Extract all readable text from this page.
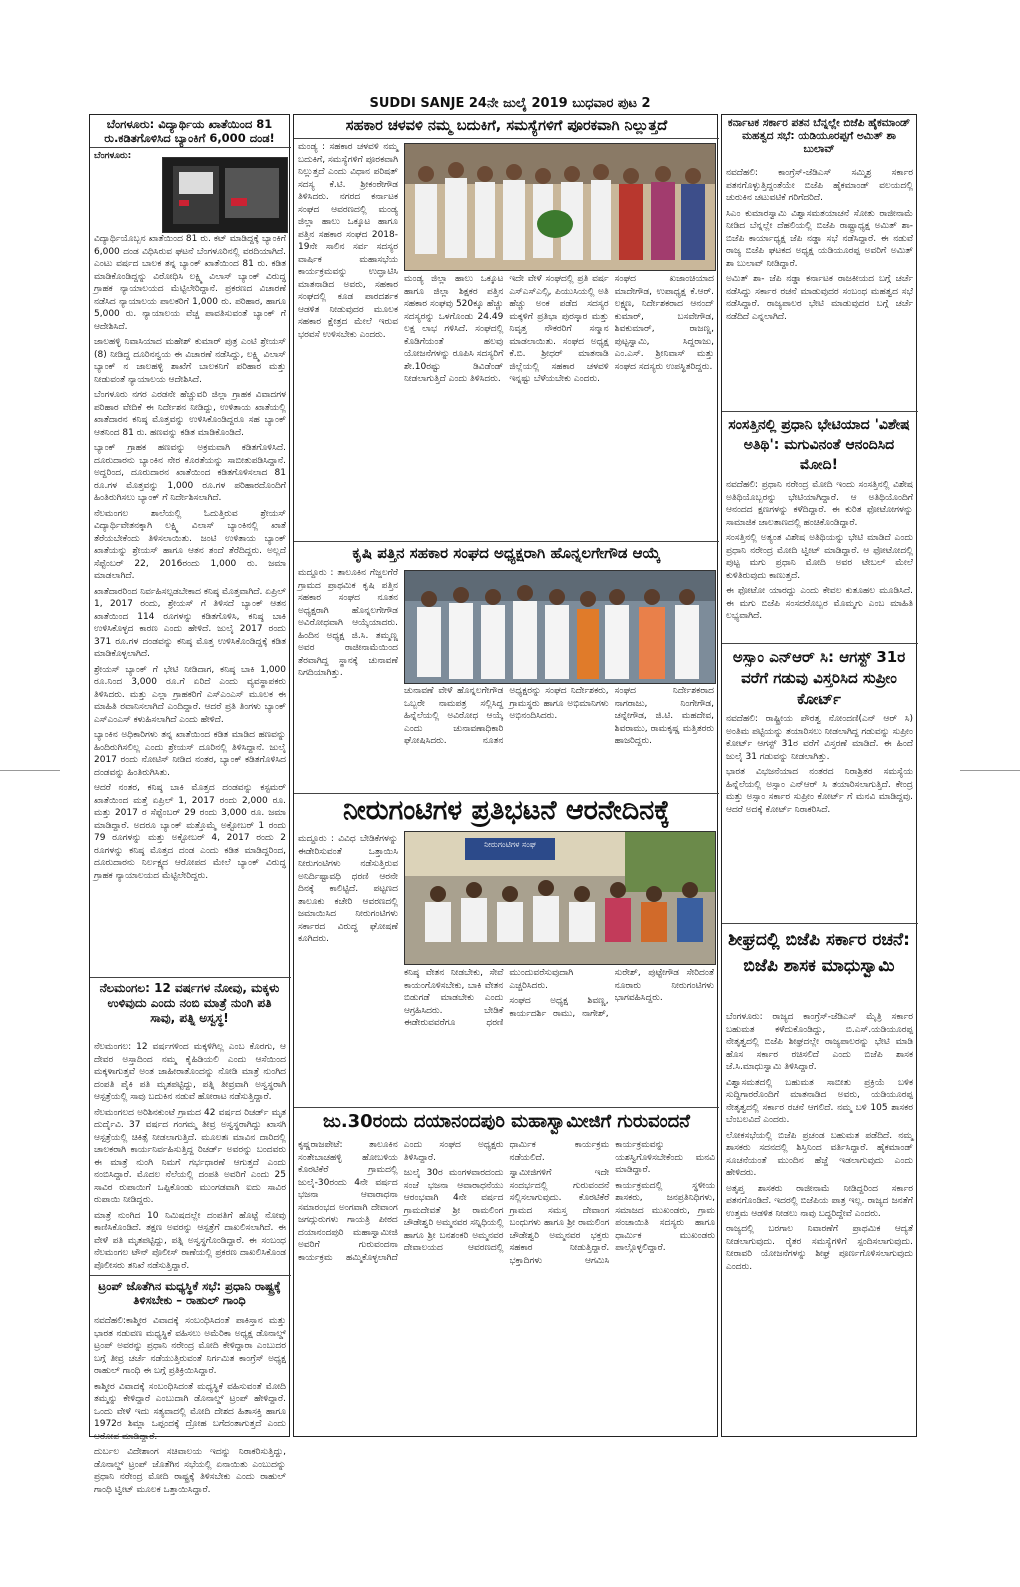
SUDDI SANJE 24ನೇ ಜುಲೈ 2019 ಬುಧವಾರ ಪುಟ 2
ಬೆಂಗಳೂರು: ವಿದ್ಯಾರ್ಥಿಯ ಖಾತೆಯಿಂದ 81 ರು.ಕಡಿತಗೊಳಿಸಿದ ಬ್ಯಾಂಕಿಗೆ 6,000 ದಂಡ!

ಬೆಂಗಳೂರು:

ವಿದ್ಯಾರ್ಥಿಯೊಬ್ಬನ ಖಾತೆಯಿಂದ 81 ರು. ಕಟ್ ಮಾಡಿದ್ದಕ್ಕೆ ಬ್ಯಾಂಕಿಗೆ 6,000 ದಂಡ ವಿಧಿಸಿರುವ ಘಟನೆ ಬೆಂಗಳೂರಿನಲ್ಲಿ ವರದಿಯಾಗಿದೆ. ಎಂಟು ವರ್ಷದ ಬಾಲಕ ತನ್ನ ಬ್ಯಾಂಕ್ ಖಾತೆಯಿಂದ 81 ರು. ಕಡಿತ ಮಾಡಿಕೊಂಡಿದ್ದನ್ನು ವಿರೋಧಿಸಿ ಲಕ್ಷ್ಮಿ ವಿಲಾಸ್ ಬ್ಯಾಂಕ್ ವಿರುದ್ಧ ಗ್ರಾಹಕ ನ್ಯಾಯಾಲಯದ ಮೆಟ್ಟಿಲೇರಿದ್ದಾನೆ. ಪ್ರಕರಣದ ವಿಚಾರಣೆ ನಡೆಸಿದ ನ್ಯಾಯಾಲಯ ಪಾಲಕರಿಗೆ 1,000 ರು. ಪರಿಹಾರ, ಹಾಗೂ 5,000 ರು. ನ್ಯಾಯಾಲಯ ವೆಚ್ಚ ಪಾವತಿಸುವಂತೆ ಬ್ಯಾಂಕ್ ಗೆ ಆದೇಶಿಸಿದೆ.

ಜಾಲಹಳ್ಳಿ ನಿವಾಸಿಯಾದ ಮಹೇಶ್ ಕುಮಾರ್ ಪುತ್ರ ಎಂಟಿ ಶ್ರೇಯಸ್ (8) ನೀಡಿದ್ದ ದೂರಿನನ್ವಯ ಈ ವಿಚಾರಣೆ ನಡೆಸಿದ್ದು, ಲಕ್ಷ್ಮಿ ವಿಲಾಸ್ ಬ್ಯಾಂಕ್ ನ ಜಾಲಹಳ್ಳಿ ಶಾಖೆಗೆ ಬಾಲಕನಿಗೆ ಪರಿಹಾರ ಮತ್ತು ನೀಡುವಂತೆ ನ್ಯಾಯಾಲಯ ಆದೇಶಿಸಿದೆ.

ಬೆಂಗಳೂರು ನಗರ ಎರಡನೇ ಹೆಚ್ಚುವರಿ ಜಿಲ್ಲಾ ಗ್ರಾಹಕ ವಿವಾದಗಳ ಪರಿಹಾರ ವೇದಿಕೆ ಈ ನಿರ್ದೇಶನ ನೀಡಿದ್ದು, ಉಳಿತಾಯ ಖಾತೆಯಲ್ಲಿ ಖಾತೆದಾರನ ಕನಿಷ್ಠ ಮೊತ್ತವನ್ನು ಉಳಿಸಿಕೊಂಡಿದ್ದರೂ ಸಹ ಬ್ಯಾಂಕ್ ಆತನಿಂದ 81 ರು. ಹಣವನ್ನು ಕಡಿತ ಮಾಡಿಕೊಂಡಿದೆ.

ಬ್ಯಾಂಕ್ ಗ್ರಾಹಕ ಹಣವನ್ನು ಅಕ್ರಮವಾಗಿ ಕಡಿತಗೊಳಿಸಿದೆ. ದೂರುದಾರನು ಬ್ಯಾಂಕಿನ ನೇರ ಕೊರತೆಯನ್ನು ಸಾಬೀತುಪಡಿಸಿದ್ದಾನೆ. ಅದ್ದರಿಂದ, ದೂರುದಾರನ ಖಾತೆಯಿಂದ ಕಡಿತಗೊಳಿಸಲಾದ 81 ರೂ.ಗಳ ಮೊತ್ತವನ್ನು 1,000 ರೂ.ಗಳ ಪರಿಹಾರದೊಂದಿಗೆ ಹಿಂತಿರುಗಿಸಲು ಬ್ಯಾಂಕ್ ಗೆ ನಿರ್ದೇಶಿಸಲಾಗಿದೆ.

ನೆಲಮಂಗಲ ಶಾಲೆಯಲ್ಲಿ ಓದುತ್ತಿರುವ ಶ್ರೇಯಸ್ ವಿದ್ಯಾರ್ಥಿವೇತನಕ್ಕಾಗಿ ಲಕ್ಷ್ಮಿ ವಿಲಾಸ್ ಬ್ಯಾಂಕಿನಲ್ಲಿ ಖಾತೆ ತೆರೆಯಬೇಕೆಂದು ತಿಳಿಸಲಾಯಿತು. ಜಂಟಿ ಉಳಿತಾಯ ಬ್ಯಾಂಕ್ ಖಾತೆಯನ್ನು ಶ್ರೇಯಸ್ ಹಾಗೂ ಆತನ ತಂದೆ ತೆರೆದಿದ್ದರು. ಅಲ್ಲದೆ ಸೆಪ್ಟೆಂಬರ್ 22, 2016ರಂದು 1,000 ರು. ಜಮಾ ಮಾಡಲಾಗಿದೆ.

ಖಾತೆದಾರರಿಂದ ನಿರ್ವಹಿಸಲ್ಪಡಬೇಕಾದ ಕನಿಷ್ಠ ಮೊತ್ತವಾಗಿದೆ. ಏಪ್ರಿಲ್ 1, 2017 ರಂದು, ಶ್ರೇಯಸ್ ಗೆ ತಿಳಿಸದೆ ಬ್ಯಾಂಕ್ ಆತನ ಖಾತೆಯಿಂದ 114 ರೂಗಳನ್ನು ಕಡಿತಗೊಳಿಸಿ, ಕನಿಷ್ಠ ಬಾಕಿ ಉಳಿಸಿಕೊಳ್ಳದ ಕಾರಣ ಎಂದು ಹೇಳಿದೆ. ಜುಲೈ 2017 ರಂದು 371 ರೂ.ಗಳ ದಂಡವನ್ನು ಕನಿಷ್ಠ ಮೊತ್ತ ಉಳಿಸಿಕೊಂಡಿದ್ದಕ್ಕೆ ಕಡಿತ ಮಾಡಿಕೊಳ್ಳಲಾಗಿದೆ.

ಶ್ರೇಯಸ್ ಬ್ಯಾಂಕ್ ಗೆ ಭೇಟಿ ನೀಡಿದಾಗ, ಕನಿಷ್ಠ ಬಾಕಿ 1,000 ರೂ.ನಿಂದ 3,000 ರೂ.ಗೆ ಏರಿದೆ ಎಂದು ವ್ಯವಸ್ಥಾಪಕರು ತಿಳಿಸಿದರು. ಮತ್ತು ಎಲ್ಲಾ ಗ್ರಾಹಕರಿಗೆ ಎಸ್ಎಂಎಸ್ ಮೂಲಕ ಈ ಮಾಹಿತಿ ರವಾನಿಸಲಾಗಿದೆ ಎಂದಿದ್ದಾರೆ. ಆದರೆ ಪ್ರತಿ ತಿಂಗಳು ಬ್ಯಾಂಕ್ ಎಸ್ಎಂಎಸ್ ಕಳುಹಿಸಲಾಗಿದೆ ಎಂದು ಹೇಳಿದೆ.

ಬ್ಯಾಂಕಿನ ಅಧಿಕಾರಿಗಳು ತನ್ನ ಖಾತೆಯಿಂದ ಕಡಿತ ಮಾಡಿದ ಹಣವನ್ನು ಹಿಂದಿರುಗಿಸಲಿಲ್ಲ ಎಂದು ಶ್ರೇಯಸ್ ದೂರಿನಲ್ಲಿ ತಿಳಿಸಿದ್ದಾನೆ. ಜುಲೈ 2017 ರಂದು ನೋಟಿಸ್ ನೀಡಿದ ನಂತರ, ಬ್ಯಾಂಕ್ ಕಡಿತಗೊಳಿಸಿದ ದಂಡವನ್ನು ಹಿಂತಿರುಗಿಸಿತು.

ಆದರೆ ನಂತರ, ಕನಿಷ್ಠ ಬಾಕಿ ಮೊತ್ತದ ದಂಡವನ್ನು ಕಸ್ಟಮರ್ ಖಾತೆಯಿಂದ ಮತ್ತೆ ಏಪ್ರಿಲ್ 1, 2017 ರಂದು 2,000 ರೂ. ಮತ್ತು 2017 ರ ಸೆಪ್ಟೆಂಬರ್ 29 ರಂದು 3,000 ರೂ. ಜಮಾ ಮಾಡಿದ್ದಾರೆ. ಅದರೂ ಬ್ಯಾಂಕ್ ಮತ್ತೊಮ್ಮೆ ಅಕ್ಟೋಬರ್ 1 ರಂದು 79 ರೂಗಳನ್ನು ಮತ್ತು ಅಕ್ಟೋಬರ್ 4, 2017 ರಂದು 2 ರೂಗಳನ್ನು ಕನಿಷ್ಠ ಮೊತ್ತದ ದಂಡ ಎಂದು ಕಡಿತ ಮಾಡಿದ್ದರಿಂದ, ದೂರುದಾರನು ನಿರ್ಲಕ್ಷ್ಯದ ಆರೋಪದ ಮೇಲೆ ಬ್ಯಾಂಕ್ ವಿರುದ್ಧ ಗ್ರಾಹಕ ನ್ಯಾಯಾಲಯದ ಮೆಟ್ಟಿಲೇರಿದ್ದರು.

ನೆಲಮಂಗಲ: 12 ವರ್ಷಗಳ ನೋವು, ಮಕ್ಕಳು ಉಳಿವುದು ಎಂದು ನಂಬಿ ಮಾತ್ರೆ ನುಂಗಿ ಪತಿ ಸಾವು, ಪತ್ನಿ ಅಸ್ವಸ್ಥ!

ನೆಲಮಂಗಲ: 12 ವರ್ಷಗಳಿಂದ ಮಕ್ಕಳಿಗಿಲ್ಲ ಎಂಬ ಕೊರಗು, ಆ ದೇವರ ಅಸ್ತಾದಿಂದ ನಮ್ಮ ಕೈಹಿಡಿಯಲಿ ಎಂದು ಆಸೆಯಿಂದ ಮಕ್ಕಳಾಗುತ್ತವೆ ಅಂತ ಜಾಹೀರಾತೊಂದನ್ನು ನೋಡಿ ಮಾತ್ರೆ ನುಂಗಿದ ದಂಪತಿ ಪೈಕಿ ಪತಿ ಮೃತಪಟ್ಟಿದ್ದು, ಪತ್ನಿ ತೀವ್ರವಾಗಿ ಅಸ್ವಸ್ಥರಾಗಿ ಆಸ್ಪತ್ರೆಯಲ್ಲಿ ಸಾವು ಬದುಕಿನ ನಡುವೆ ಹೋರಾಟ ನಡೆಸುತ್ತಿದ್ದಾರೆ.

ನೆಲಮಂಗಲದ ಅರಿಶಿನಕುಂಟೆ ಗ್ರಾಮದ 42 ವರ್ಷದ ರಿಚರ್ಡ್ ಮೃತ ದುರ್ದೈವಿ. 37 ವರ್ಷದ ಗಂಗಮ್ಮ ತೀವ್ರ ಅಸ್ವಸ್ಥರಾಗಿದ್ದು ಖಾಸಗಿ ಆಸ್ಪತ್ರೆಯಲ್ಲಿ ಚಿಕಿತ್ಸೆ ನೀಡಲಾಗುತ್ತಿದೆ. ಮೂಲತಃ ಮಾವಿನ ದಾರಿದಲ್ಲಿ ಚಾಲಕರಾಗಿ ಕಾರ್ಯನಿರ್ವಹಿಸುತ್ತಿದ್ದ ರಿಚರ್ಡ್ ಅವರನ್ನು ಬಂದವರು ಈ ಮಾತ್ರೆ ನುಂಗಿ ನಿಮಗೆ ಗರ್ಭಧಾರಣೆ ಆಗುತ್ತದೆ ಎಂದು ನಂಬಿಸಿದ್ದಾರೆ. ಮೊದಲ ನೆಲೆಯಲ್ಲಿ ದಂಪತಿ ಅವರಿಗೆ ಎಂದು 25 ಸಾವಿರ ರುಪಾಯಿಗೆ ಒಪ್ಪಿಕೊಂಡು ಮುಂಗಡವಾಗಿ ಐದು ಸಾವಿರ ರುಪಾಯಿ ನೀಡಿದ್ದರು.

ಮಾತ್ರೆ ನುಂಗಿದ 10 ನಿಮಿಷದಲ್ಲೇ ದಂಪತಿಗೆ ಹೊಟ್ಟೆ ನೋವು ಕಾಣಿಸಿಕೊಂಡಿದೆ. ತಕ್ಷಣ ಅವರನ್ನು ಆಸ್ಪತ್ರೆಗೆ ದಾಖಲಿಸಲಾಗಿದೆ. ಈ ವೇಳೆ ಪತಿ ಮೃತಪಟ್ಟಿದ್ದು, ಪತ್ನಿ ಅಸ್ವಸ್ಥಗೊಂಡಿದ್ದಾರೆ. ಈ ಸಂಬಂಧ ನೆಲಮಂಗಲ ಟೌನ್ ಪೊಲೀಸ್ ಠಾಣೆಯಲ್ಲಿ ಪ್ರಕರಣ ದಾಖಲಿಸಿಕೊಂಡ ಪೊಲೀಸರು ತನಿಖೆ ನಡೆಸುತ್ತಿದ್ದಾರೆ.

ಟ್ರಂಪ್ ಜೊತೆಗಿನ ಮಧ್ಯಸ್ಥಿಕೆ ಸಭೆ: ಪ್ರಧಾನಿ ರಾಷ್ಟ್ರಕ್ಕೆ ತಿಳಿಸಬೇಕು – ರಾಹುಲ್ ಗಾಂಧಿ

ನವದೆಹಲಿ:ಕಾಶ್ಮೀರ ವಿವಾದಕ್ಕೆ ಸಂಬಂಧಿಸಿದಂತೆ ಪಾಕಿಸ್ತಾನ ಮತ್ತು ಭಾರತ ನಡುವಣ ಮಧ್ಯಸ್ಥಿಕೆ ವಹಿಸಲು ಅಮೆರಿಕಾ ಅಧ್ಯಕ್ಷ ಡೊನಾಲ್ಡ್ ಟ್ರಂಪ್ ಅವರನ್ನು ಪ್ರಧಾನಿ ನರೇಂದ್ರ ಮೋದಿ ಕೇಳಿದ್ದಾರಾ ಎಂಬುದರ ಬಗ್ಗೆ ತೀವ್ರ ಚರ್ಚೆ ನಡೆಯುತ್ತಿರುವಂತೆ ನಿರ್ಗಮಿತ ಕಾಂಗ್ರೆಸ್ ಅಧ್ಯಕ್ಷ ರಾಹುಲ್ ಗಾಂಧಿ ಈ ಬಗ್ಗೆ ಪ್ರತಿಕ್ರಿಯಿಸಿದ್ದಾರೆ.

ಕಾಶ್ಮೀರ ವಿವಾದಕ್ಕೆ ಸಂಬಂಧಿಸಿದಂತೆ ಮಧ್ಯಸ್ಥಿಕೆ ವಹಿಸುವಂತೆ ಮೋದಿ ತಮ್ಮನ್ನು ಕೇಳಿದ್ದಾರೆ ಎಂಬುದಾಗಿ ಡೊನಾಲ್ಡ್ ಟ್ರಂಪ್ ಹೇಳಿದ್ದಾರೆ. ಒಂದು ವೇಳೆ ಇದು ಸತ್ಯವಾದಲ್ಲಿ ಮೋದಿ ದೇಶದ ಹಿತಾಸಕ್ತಿ ಹಾಗೂ 1972ರ ಶಿಮ್ಲಾ ಒಪ್ಪಂದಕ್ಕೆ ದ್ರೋಹ ಬಗೆದಂತಾಗುತ್ತದೆ ಎಂದು ಆರೋಪ ಮಾಡಿದ್ದಾರೆ.

ದುರ್ಬಲ ವಿದೇಶಾಂಗ ಸಚಿವಾಲಯ ಇದನ್ನು ನಿರಾಕರಿಸುತ್ತಿದ್ದು, ಡೊನಾಲ್ಡ್ ಟ್ರಂಪ್ ಜೊತೆಗಿನ ಸಭೆಯಲ್ಲಿ ಏನಾಯಿತು ಎಂಬುದನ್ನು ಪ್ರಧಾನಿ ನರೇಂದ್ರ ಮೋದಿ ರಾಷ್ಟ್ರಕ್ಕೆ ತಿಳಿಸಬೇಕು ಎಂದು ರಾಹುಲ್ ಗಾಂಧಿ ಟ್ವೀಟ್ ಮೂಲಕ ಒತ್ತಾಯಿಸಿದ್ದಾರೆ.

ಸಹಕಾರ ಚಳವಳಿ ನಮ್ಮ ಬದುಕಿಗೆ, ಸಮಸ್ಯೆಗಳಿಗೆ ಪೂರಕವಾಗಿ ನಿಲ್ಲುತ್ತದೆ

ಮಂಡ್ಯ : ಸಹಕಾರ ಚಳವಳಿ ನಮ್ಮ ಬದುಕಿಗೆ, ಸಮಸ್ಯೆಗಳಿಗೆ ಪೂರಕವಾಗಿ ನಿಲ್ಲುತ್ತದೆ ಎಂದು ವಿಧಾನ ಪರಿಷತ್ ಸದಸ್ಯ ಕೆ.ಟಿ. ಶ್ರೀಕಂಠೇಗೌಡ ತಿಳಿಸಿದರು. ನಗರದ ಕರ್ನಾಟಕ ಸಂಘದ ಆವರಣದಲ್ಲಿ ಮಂಡ್ಯ ಜಿಲ್ಲಾ ಹಾಲು ಒಕ್ಕೂಟ ಹಾಗೂ ಪತ್ತಿನ ಸಹಕಾರ ಸಂಘದ 2018-19ನೇ ಸಾಲಿನ ಸರ್ವ ಸದಸ್ಯರ ವಾರ್ಷಿಕ ಮಹಾಸಭೆಯ ಕಾರ್ಯಕ್ರಮವನ್ನು ಉದ್ಘಾಟಿಸಿ ಮಾತನಾಡಿದ ಅವರು, ಸಹಕಾರ ಸಂಘದಲ್ಲಿ ಕೂಡ ಪಾರದರ್ಶಕ ಆಡಳಿತ ನೀಡುವುದರ ಮೂಲಕ ಸಹಕಾರ ಕ್ಷೇತ್ರದ ಮೇಲೆ ಇರುವ ಭರವಸೆ ಉಳಿಸಬೇಕು ಎಂದರು.

ಮಂಡ್ಯ ಜಿಲ್ಲಾ ಹಾಲು ಒಕ್ಕೂಟ ಹಾಗೂ ಜಿಲ್ಲಾ ಶಿಕ್ಷಕರ ಪತ್ತಿನ ಸಹಕಾರ ಸಂಘವು 520ಕ್ಕೂ ಹೆಚ್ಚು ಸದಸ್ಯರನ್ನು ಒಳಗೊಂಡು 24.49 ಲಕ್ಷ ಲಾಭ ಗಳಿಸಿದೆ. ಸಂಘದಲ್ಲಿ ಕೊಡಿಗೆಯಂತೆ ಹಲವು ಯೋಜನೆಗಳನ್ನು ರೂಪಿಸಿ ಸದಸ್ಯರಿಗೆ ಶೇ.10ರಷ್ಟು ಡಿವಿಡೆಂಡ್ ನೀಡಲಾಗುತ್ತಿದೆ ಎಂದು ತಿಳಿಸಿದರು.

ಇದೇ ವೇಳೆ ಸಂಘದಲ್ಲಿ ಪ್ರತಿ ವರ್ಷ ಎಸ್ಎಸ್ಎಲ್ಸಿ, ಪಿಯುಸಿಯಲ್ಲಿ ಅತಿ ಹೆಚ್ಚು ಅಂಕ ಪಡೆದ ಸದಸ್ಯರ ಮಕ್ಕಳಿಗೆ ಪ್ರತಿಭಾ ಪುರಸ್ಕಾರ ಮತ್ತು ನಿವೃತ್ತ ನೌಕರರಿಗೆ ಸನ್ಮಾನ ಮಾಡಲಾಯಿತು. ಸಂಘದ ಅಧ್ಯಕ್ಷ ಕೆ.ಬಿ. ಶ್ರೀಧರ್ ಮಾತನಾಡಿ ಜಿಲ್ಲೆಯಲ್ಲಿ ಸಹಕಾರ ಚಳವಳಿ ಇನ್ನಷ್ಟು ಬೆಳೆಯಬೇಕು ಎಂದರು.

ಸಂಘದ ಖಜಾಂಚಿಯಾದ ಮಾದೇಗೌಡ, ಉಪಾಧ್ಯಕ್ಷ ಕೆ.ಆರ್. ಲಕ್ಷ್ಮಣ, ನಿರ್ದೇಶಕರಾದ ಆನಂದ್ ಕುಮಾರ್, ಬಸವೇಗೌಡ, ಶಿವಕುಮಾರ್, ರಾಜಣ್ಣ, ಪುಟ್ಟಸ್ವಾಮಿ, ಸಿದ್ದರಾಜು, ಎಂ.ಎಸ್. ಶ್ರೀನಿವಾಸ್ ಮತ್ತು ಸಂಘದ ಸದಸ್ಯರು ಉಪಸ್ಥಿತರಿದ್ದರು.

ಕೃಷಿ ಪತ್ತಿನ ಸಹಕಾರ ಸಂಘದ ಅಧ್ಯಕ್ಷರಾಗಿ ಹೊನ್ನಲಗೇಗೌಡ ಆಯ್ಕೆ

ಮದ್ದೂರು : ತಾಲೂಕಿನ ಗೆಜ್ಜಲಗೆರೆ ಗ್ರಾಮದ ಪ್ರಾಥಮಿಕ ಕೃಷಿ ಪತ್ತಿನ ಸಹಕಾರ ಸಂಘದ ನೂತನ ಅಧ್ಯಕ್ಷರಾಗಿ ಹೊನ್ನಲಗೇಗೌಡ ಅವಿರೋಧವಾಗಿ ಆಯ್ಕೆಯಾದರು. ಹಿಂದಿನ ಅಧ್ಯಕ್ಷ ಜಿ.ಸಿ. ತಮ್ಮಣ್ಣ ಅವರ ರಾಜೀನಾಮೆಯಿಂದ ತೆರವಾಗಿದ್ದ ಸ್ಥಾನಕ್ಕೆ ಚುನಾವಣೆ ನಿಗದಿಯಾಗಿತ್ತು.

ಚುನಾವಣೆ ವೇಳೆ ಹೊನ್ನಲಗೇಗೌಡ ಒಬ್ಬರೇ ನಾಮಪತ್ರ ಸಲ್ಲಿಸಿದ್ದ ಹಿನ್ನೆಲೆಯಲ್ಲಿ ಅವಿರೋಧ ಆಯ್ಕೆ ಎಂದು ಚುನಾವಣಾಧಿಕಾರಿ ಘೋಷಿಸಿದರು. ನೂತನ ಅಧ್ಯಕ್ಷರನ್ನು ಸಂಘದ ನಿರ್ದೇಶಕರು, ಗ್ರಾಮಸ್ಥರು ಹಾಗೂ ಅಭಿಮಾನಿಗಳು ಅಭಿನಂದಿಸಿದರು.

ಸಂಘದ ನಿರ್ದೇಶಕರಾದ ನಾಗರಾಜು, ನಿಂಗೇಗೌಡ, ಚನ್ನೇಗೌಡ, ಜಿ.ಟಿ. ಮಹದೇವ, ಶಿವರಾಮು, ರಾಮಕೃಷ್ಣ ಮತ್ತಿತರರು ಹಾಜರಿದ್ದರು.

ನೀರುಗಂಟಿಗಳ ಪ್ರತಿಭಟನೆ ಆರನೇದಿನಕ್ಕೆ

ಮದ್ದೂರು : ವಿವಿಧ ಬೇಡಿಕೆಗಳನ್ನು ಈಡೇರಿಸುವಂತೆ ಒತ್ತಾಯಿಸಿ ನೀರುಗಂಟಿಗಳು ನಡೆಸುತ್ತಿರುವ ಅನಿರ್ದಿಷ್ಟಾವಧಿ ಧರಣಿ ಆರನೇ ದಿನಕ್ಕೆ ಕಾಲಿಟ್ಟಿದೆ. ಪಟ್ಟಣದ ತಾಲೂಕು ಕಚೇರಿ ಆವರಣದಲ್ಲಿ ಜಮಾಯಿಸಿದ ನೀರುಗಂಟಿಗಳು ಸರ್ಕಾರದ ವಿರುದ್ಧ ಘೋಷಣೆ ಕೂಗಿದರು.

ನೀರುಗಂಟಿಗಳ ಸಂಘ

ಕನಿಷ್ಠ ವೇತನ ನೀಡಬೇಕು, ಸೇವೆ ಕಾಯಂಗೊಳಿಸಬೇಕು, ಬಾಕಿ ವೇತನ ಬಿಡುಗಡೆ ಮಾಡಬೇಕು ಎಂದು ಆಗ್ರಹಿಸಿದರು. ಬೇಡಿಕೆ ಈಡೇರುವವರೆಗೂ ಧರಣಿ ಮುಂದುವರೆಸುವುದಾಗಿ ಎಚ್ಚರಿಸಿದರು.

ಸಂಘದ ಅಧ್ಯಕ್ಷ ಶಿವಣ್ಣ, ಕಾರ್ಯದರ್ಶಿ ರಾಮು, ನಾಗೇಶ್, ಸುರೇಶ್, ಪುಟ್ಟೇಗೌಡ ಸೇರಿದಂತೆ ನೂರಾರು ನೀರುಗಂಟಿಗಳು ಭಾಗವಹಿಸಿದ್ದರು.

ಜು.30ರಂದು ದಯಾನಂದಪುರಿ ಮಹಾಸ್ವಾಮೀಜಿಗೆ ಗುರುವಂದನೆ

ಕೃಷ್ಣರಾಜಪೇಟೆ: ತಾಲೂಕಿನ ಸಂತೇಬಾಚಹಳ್ಳಿ ಹೋಬಳಿಯ ಕೊರಟಿಕೆರೆ ಗ್ರಾಮದಲ್ಲಿ ಜುಲೈ-30ರಂದು 4ನೇ ವರ್ಷದ ಭಜನಾ ಆವಾರಾಧನಾ ಸಮಾರಂಭದ ಅಂಗವಾಗಿ ದೇವಾಂಗ ಜಗದ್ಗುರುಗಳು ಗಾಯತ್ರಿ ಪೀಠದ ದಯಾನಂದಪುರಿ ಮಹಾಸ್ವಾಮೀಜಿ ಅವರಿಗೆ ಗುರುವಂದನಾ ಕಾರ್ಯಕ್ರಮ ಹಮ್ಮಿಕೊಳ್ಳಲಾಗಿದೆ ಎಂದು ಸಂಘದ ಅಧ್ಯಕ್ಷರು ತಿಳಿಸಿದ್ದಾರೆ.

ಜುಲೈ 30ರ ಮಂಗಳವಾರದಂದು ಸಂಜೆ ಭಜನಾ ಆವಾರಾಧನೆಯು ಆರಂಭವಾಗಿ 4ನೇ ವರ್ಷದ ಗ್ರಾಮದೇವತೆ ಶ್ರೀ ರಾಮಲಿಂಗ ಚೌಡೇಶ್ವರಿ ಅಮ್ಮನವರ ಸನ್ನಿಧಿಯಲ್ಲಿ ಹಾಗೂ ಶ್ರೀ ಬನಶಂಕರಿ ಅಮ್ಮನವರ ದೇವಾಲಯದ ಆವರಣದಲ್ಲಿ ಧಾರ್ಮಿಕ ಕಾರ್ಯಕ್ರಮ ನಡೆಯಲಿದೆ.

ಸ್ವಾಮೀಜಿಗಳಿಗೆ ಇದೇ ಸಂದರ್ಭದಲ್ಲಿ ಗುರುವಂದನೆ ಸಲ್ಲಿಸಲಾಗುವುದು. ಕೊರಟಿಕೆರೆ ಗ್ರಾಮದ ಸಮಸ್ತ ದೇವಾಂಗ ಬಂಧುಗಳು ಹಾಗೂ ಶ್ರೀ ರಾಮಲಿಂಗ ಚೌಡೇಶ್ವರಿ ಅಮ್ಮನವರ ಭಕ್ತರು ಸಹಕಾರ ನೀಡುತ್ತಿದ್ದಾರೆ. ಭಕ್ತಾದಿಗಳು ಆಗಮಿಸಿ ಕಾರ್ಯಕ್ರಮವನ್ನು ಯಶಸ್ವಿಗೊಳಿಸಬೇಕೆಂದು ಮನವಿ ಮಾಡಿದ್ದಾರೆ.

ಕಾರ್ಯಕ್ರಮದಲ್ಲಿ ಸ್ಥಳೀಯ ಶಾಸಕರು, ಜನಪ್ರತಿನಿಧಿಗಳು, ಸಮಾಜದ ಮುಖಂಡರು, ಗ್ರಾಮ ಪಂಚಾಯಿತಿ ಸದಸ್ಯರು ಹಾಗೂ ಧಾರ್ಮಿಕ ಮುಖಂಡರು ಪಾಲ್ಗೊಳ್ಳಲಿದ್ದಾರೆ.

ಕರ್ನಾಟಕ ಸರ್ಕಾರ ಪತನ ಬೆನ್ನಲ್ಲೇ ಬಿಜೆಪಿ ಹೈಕಮಾಂಡ್ ಮಹತ್ವದ ಸಭೆ: ಯಡಿಯೂರಪ್ಪಗೆ ಅಮಿತ್ ಶಾ ಬುಲಾವ್

ನವದೆಹಲಿ: ಕಾಂಗ್ರೆಸ್-ಜೆಡಿಎಸ್ ಸಮ್ಮಿಶ್ರ ಸರ್ಕಾರ ಪತನಗೊಳ್ಳುತ್ತಿದ್ದಂತೆಯೇ ಬಿಜೆಪಿ ಹೈಕಮಾಂಡ್ ವಲಯದಲ್ಲಿ ಚುರುಕಿನ ಚಟುವಟಿಕೆ ಗರಿಗೆದರಿದೆ.

ಸಿಎಂ ಕುಮಾರಸ್ವಾಮಿ ವಿಶ್ವಾಸಮತಯಾಚನೆ ಸೋತು ರಾಜೀನಾಮೆ ನೀಡಿದ ಬೆನ್ನಲ್ಲೇ ದೆಹಲಿಯಲ್ಲಿ ಬಿಜೆಪಿ ರಾಷ್ಟ್ರಾಧ್ಯಕ್ಷ ಅಮಿತ್ ಶಾ-ಬಿಜೆಪಿ ಕಾರ್ಯಾಧ್ಯಕ್ಷ ಜೆಪಿ ನಡ್ಡಾ ಸಭೆ ನಡೆಸಿದ್ದಾರೆ. ಈ ನಡುವೆ ರಾಜ್ಯ ಬಿಜೆಪಿ ಘಟಕದ ಅಧ್ಯಕ್ಷ ಯಡಿಯೂರಪ್ಪ ಅವರಿಗೆ ಅಮಿತ್ ಶಾ ಬುಲಾವ್ ನೀಡಿದ್ದಾರೆ.

ಅಮಿತ್ ಶಾ- ಜೆಪಿ ನಡ್ಡಾ ಕರ್ನಾಟಕ ರಾಜಕೀಯದ ಬಗ್ಗೆ ಚರ್ಚೆ ನಡೆಸಿದ್ದು ಸರ್ಕಾರ ರಚನೆ ಮಾಡುವುದರ ಸಂಬಂಧ ಮಹತ್ವದ ಸಭೆ ನಡೆಸಿದ್ದಾರೆ. ರಾಜ್ಯಪಾಲರ ಭೇಟಿ ಮಾಡುವುದರ ಬಗ್ಗೆ ಚರ್ಚೆ ನಡೆದಿದೆ ಎನ್ನಲಾಗಿದೆ.

ಸಂಸತ್ತಿನಲ್ಲಿ ಪ್ರಧಾನಿ ಭೇಟಿಯಾದ 'ವಿಶೇಷ ಅತಿಥಿ': ಮಗುವಿನಂತೆ ಆನಂದಿಸಿದ ಮೋದಿ!

ನವದೆಹಲಿ: ಪ್ರಧಾನಿ ನರೇಂದ್ರ ಮೋದಿ ಇಂದು ಸಂಸತ್ತಿನಲ್ಲಿ ವಿಶೇಷ ಅತಿಥಿಯೊಬ್ಬರನ್ನು ಭೇಟಿಯಾಗಿದ್ದಾರೆ. ಆ ಅತಿಥಿಯೊಂದಿಗೆ ಆನಂದದ ಕ್ಷಣಗಳನ್ನು ಕಳೆದಿದ್ದಾರೆ. ಈ ಕುರಿತ ಫೋಟೋಗಳನ್ನು ಸಾಮಾಜಿಕ ಜಾಲತಾಣದಲ್ಲಿ ಹಂಚಿಕೊಂಡಿದ್ದಾರೆ.

ಸಂಸತ್ತಿನಲ್ಲಿ ಅತ್ಯಂತ ವಿಶೇಷ ಅತಿಥಿಯನ್ನು ಭೇಟಿ ಮಾಡಿದೆ ಎಂದು ಪ್ರಧಾನಿ ನರೇಂದ್ರ ಮೋದಿ ಟ್ವೀಟ್ ಮಾಡಿದ್ದಾರೆ. ಆ ಫೋಟೋದಲ್ಲಿ ಪುಟ್ಟ ಮಗು ಪ್ರಧಾನಿ ಮೋದಿ ಅವರ ಟೇಬಲ್ ಮೇಲೆ ಕುಳಿತಿರುವುದು ಕಾಣುತ್ತದೆ.

ಈ ಫೋಟೋ ಯಾರದ್ದು ಎಂದು ಕೇವಲ ಕುತೂಹಲ ಮೂಡಿಸಿದೆ. ಈ ಮಗು ಬಿಜೆಪಿ ಸಂಸದರೊಬ್ಬರ ಮೊಮ್ಮಗು ಎಂಬ ಮಾಹಿತಿ ಲಭ್ಯವಾಗಿದೆ.

ಅಸ್ಸಾಂ ಎನ್ಆರ್ ಸಿ: ಆಗಸ್ಟ್ 31ರ ವರೆಗೆ ಗಡುವು ವಿಸ್ತರಿಸಿದ ಸುಪ್ರೀಂ ಕೋರ್ಟ್

ನವದೆಹಲಿ: ರಾಷ್ಟ್ರೀಯ ಪೌರತ್ವ ನೋಂದಣಿ(ಎನ್ ಆರ್ ಸಿ) ಅಂತಿಮ ಪಟ್ಟಿಯನ್ನು ತಯಾರಿಸಲು ನೀಡಲಾಗಿದ್ದ ಗಡುವನ್ನು ಸುಪ್ರೀಂ ಕೋರ್ಟ್ ಆಗಸ್ಟ್ 31ರ ವರೆಗೆ ವಿಸ್ತರಣೆ ಮಾಡಿದೆ. ಈ ಹಿಂದೆ ಜುಲೈ 31 ಗಡುವನ್ನು ನೀಡಲಾಗಿತ್ತು.

ಭಾರತ ವಿಭಜನೆಯಾದ ನಂತರದ ನಿರಾಶ್ರಿತರ ಸಮಸ್ಯೆಯ ಹಿನ್ನೆಲೆಯಲ್ಲಿ ಅಸ್ಸಾಂ ಎನ್ಆರ್ ಸಿ ತಯಾರಿಸಲಾಗುತ್ತಿದೆ. ಕೇಂದ್ರ ಮತ್ತು ಅಸ್ಸಾಂ ಸರ್ಕಾರ ಸುಪ್ರೀಂ ಕೋರ್ಟ್ ಗೆ ಮನವಿ ಮಾಡಿದ್ದವು. ಆದರೆ ಅದಕ್ಕೆ ಕೋರ್ಟ್ ನಿರಾಕರಿಸಿದೆ.

ಶೀಘ್ರದಲ್ಲಿ ಬಿಜೆಪಿ ಸರ್ಕಾರ ರಚನೆ: ಬಿಜೆಪಿ ಶಾಸಕ ಮಾಧುಸ್ವಾಮಿ

ಬೆಂಗಳೂರು: ರಾಜ್ಯದ ಕಾಂಗ್ರೆಸ್-ಜೆಡಿಎಸ್ ಮೈತ್ರಿ ಸರ್ಕಾರ ಬಹುಮತ ಕಳೆದುಕೊಂಡಿದ್ದು, ಬಿ.ಎಸ್.ಯಡಿಯೂರಪ್ಪ ನೇತೃತ್ವದಲ್ಲಿ ಬಿಜೆಪಿ ಶೀಘ್ರದಲ್ಲೇ ರಾಜ್ಯಪಾಲರನ್ನು ಭೇಟಿ ಮಾಡಿ ಹೊಸ ಸರ್ಕಾರ ರಚಿಸಲಿದೆ ಎಂದು ಬಿಜೆಪಿ ಶಾಸಕ ಜೆ.ಸಿ.ಮಾಧುಸ್ವಾಮಿ ತಿಳಿಸಿದ್ದಾರೆ.

ವಿಶ್ವಾಸಮತದಲ್ಲಿ ಬಹುಮತ ಸಾಬೀತು ಪ್ರಕ್ರಿಯೆ ಬಳಿಕ ಸುದ್ದಿಗಾರರೊಂದಿಗೆ ಮಾತನಾಡಿದ ಅವರು, ಯಡಿಯೂರಪ್ಪ ನೇತೃತ್ವದಲ್ಲಿ ಸರ್ಕಾರ ರಚನೆ ಆಗಲಿದೆ. ನಮ್ಮ ಬಳಿ 105 ಶಾಸಕರ ಬೆಂಬಲವಿದೆ ಎಂದರು.

ಲೋಕಸಭೆಯಲ್ಲಿ ಬಿಜೆಪಿ ಪ್ರಚಂಡ ಬಹುಮತ ಪಡೆದಿದೆ. ನಮ್ಮ ಶಾಸಕರು ಸದನದಲ್ಲಿ ಶಿಸ್ತಿನಿಂದ ವರ್ತಿಸಿದ್ದಾರೆ. ಹೈಕಮಾಂಡ್ ಸೂಚನೆಯಂತೆ ಮುಂದಿನ ಹೆಜ್ಜೆ ಇಡಲಾಗುವುದು ಎಂದು ಹೇಳಿದರು.

ಅತೃಪ್ತ ಶಾಸಕರು ರಾಜೀನಾಮೆ ನೀಡಿದ್ದರಿಂದ ಸರ್ಕಾರ ಪತನಗೊಂಡಿದೆ. ಇದರಲ್ಲಿ ಬಿಜೆಪಿಯ ಪಾತ್ರ ಇಲ್ಲ. ರಾಜ್ಯದ ಜನತೆಗೆ ಉತ್ತಮ ಆಡಳಿತ ನೀಡಲು ನಾವು ಬದ್ಧರಿದ್ದೇವೆ ಎಂದರು.

ರಾಜ್ಯದಲ್ಲಿ ಬರಗಾಲ ನಿವಾರಣೆಗೆ ಪ್ರಾಥಮಿಕ ಆದ್ಯತೆ ನೀಡಲಾಗುವುದು. ರೈತರ ಸಮಸ್ಯೆಗಳಿಗೆ ಸ್ಪಂದಿಸಲಾಗುವುದು. ನೀರಾವರಿ ಯೋಜನೆಗಳನ್ನು ಶೀಘ್ರ ಪೂರ್ಣಗೊಳಿಸಲಾಗುವುದು ಎಂದರು.
